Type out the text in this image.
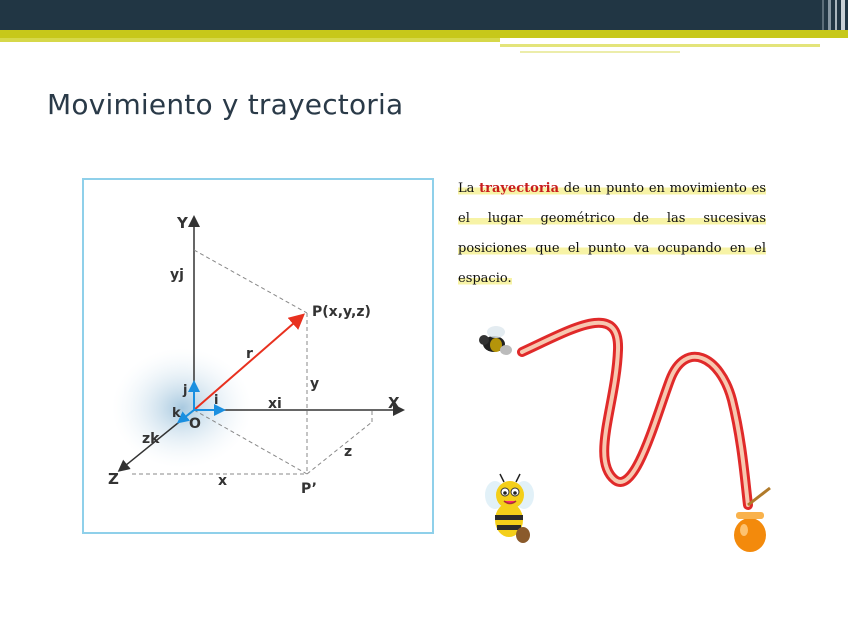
Movimiento y trayectoria
Y
X
Z
yj
xi
zk
r
i
j
k
O
P(x,y,z)
P’
x
y
z
La trayectoria de un punto en movimiento es el lugar geométrico de las sucesivas posiciones que el punto va ocupando en el espacio.
